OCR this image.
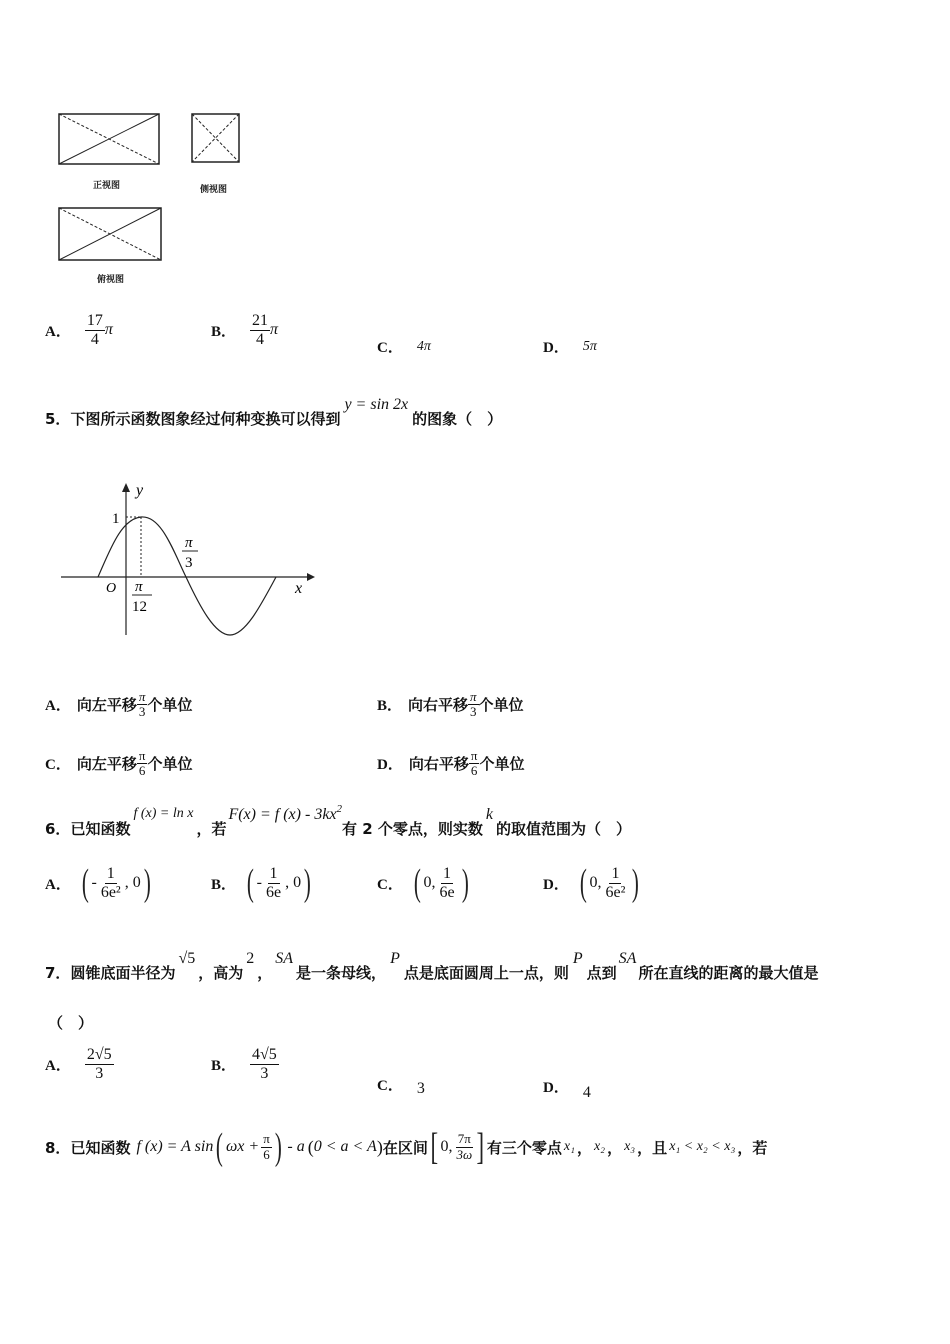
正视图	侧视图
俯视图
A． $\frac{17}{4}$ π	B． $\frac{21}{4}$ π
C． 4π	D． 5π
5． 下图所示函数图象经过何种变换可以得到
y = sin 2x
的图象（　）
y
x
O
1
π
12
π
3
A． 向左平移 $\frac{\pi}{3}$ 个单位	B． 向右平移 $\frac{\pi}{3}$ 个单位
C． 向左平移 $\frac{\pi}{6}$ 个单位	D． 向右平移 $\frac{\pi}{6}$ 个单位
6． 已知函数
f (x) = ln x
，若
F(x) = f (x) - 3kx 2
有 2 个零点，则实数
k
的取值范围为（　）
A． ( - $\frac{1}{\text{6e²}}$ , 0 )	B． ( - $\frac{1}{6e}$ , 0 )	C． ( 0, $\frac{1}{6e}$ )	D． ( 0, $\frac{1}{\text{6e²}}$ )
7． 圆锥底面半径为
√5
，高为
2
，
SA
是一条母线，
P
点是底面圆周上一点，则
P
点到
SA
所在直线的距离的最大值是
（　）
A． $\frac{2√5}{3}$	B． $\frac{4√5}{3}$
C． 3	D． 4
8． 已知函数 f (x) = A sin ( $\omega x + \frac{\pi}{6}$ ) - a ( 0 < a < A ) 在区间 [ 0, $\frac{7\pi}{3\omega}$ ] 有三个零点 x₁ ， x₂ ， x₃ ，且 x₁ < x₂ < x₃ ，若
